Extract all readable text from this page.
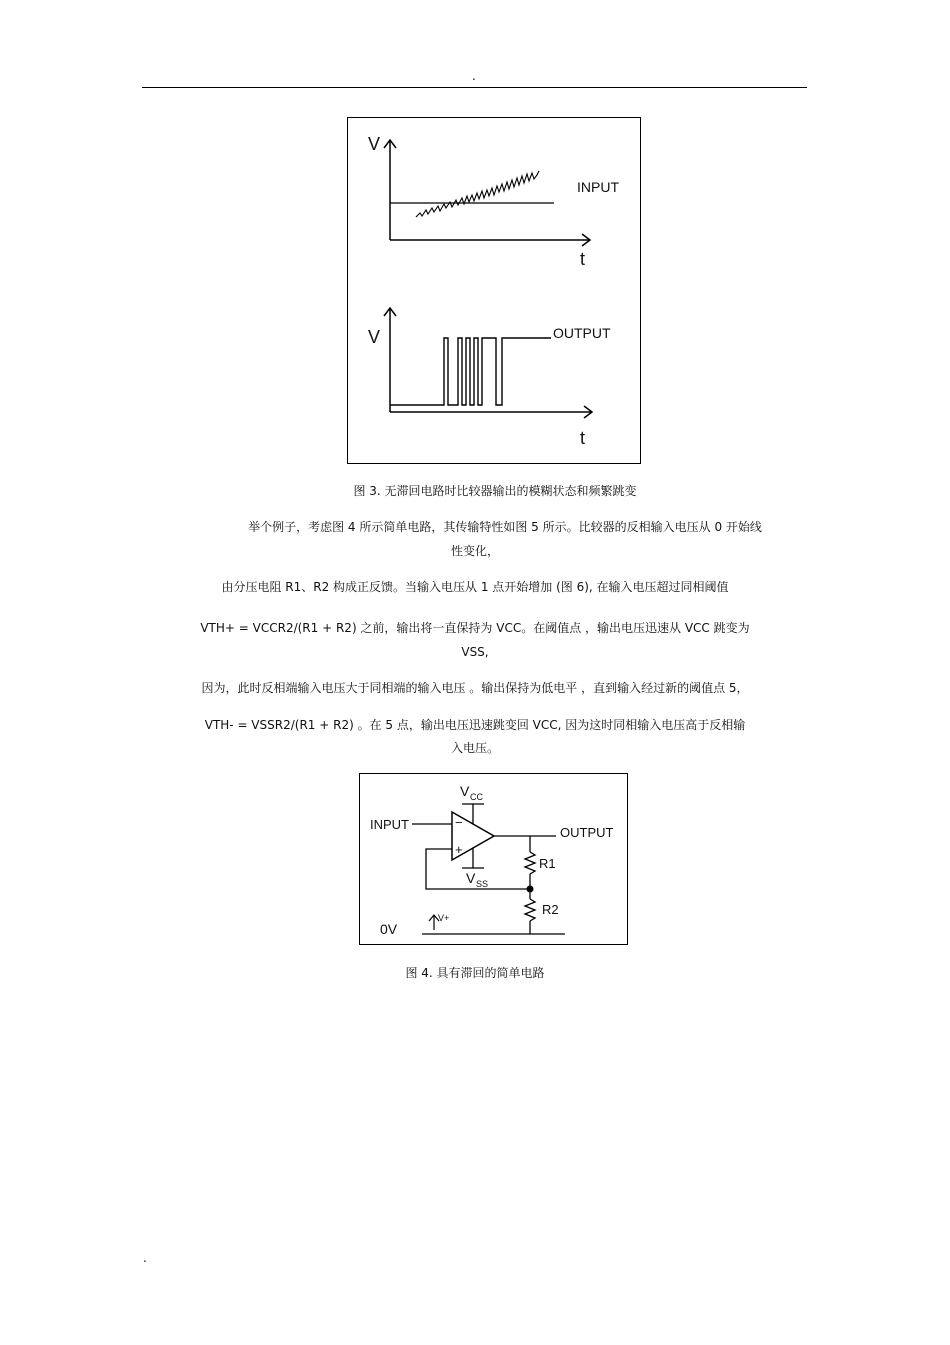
.
V
t
INPUT
V
t
OUTPUT
图 3. 无滞回电路时比较器输出的模糊状态和频繁跳变
举个例子，考虑图 4 所示简单电路，其传输特性如图 5 所示。比较器的反相输入电压从 0 开始线
性变化，
由分压电阻 R1、R2 构成正反馈。当输入电压从 1 点开始增加 (图 6), 在输入电压超过同相阈值
VTH+ = VCCR2/(R1 + R2) 之前，输出将一直保持为 VCC。在阈值点 ，输出电压迅速从 VCC 跳变为
VSS,
因为，此时反相端输入电压大于同相端的输入电压 。输出保持为低电平 ，直到输入经过新的阈值点 5，
VTH- = VSSR2/(R1 + R2) 。在 5 点，输出电压迅速跳变回 VCC, 因为这时同相输入电压高于反相输
入电压。
−
+
V CC
V SS
INPUT
OUTPUT
R1
R2
0V
V+
图 4. 具有滞回的简单电路
.
